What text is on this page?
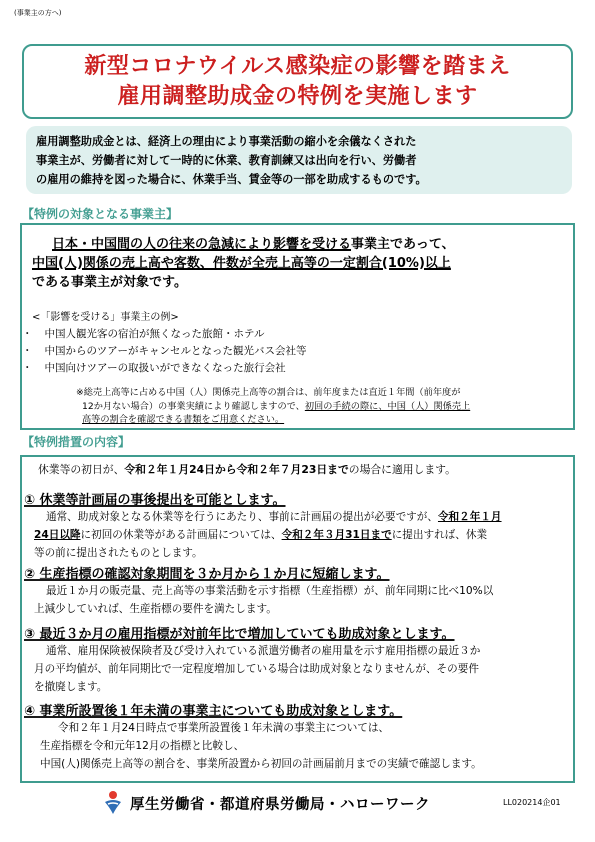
(事業主の方へ)
新型コロナウイルス感染症の影響を踏まえ
雇用調整助成金の特例を実施します
雇用調整助成金とは、経済上の理由により事業活動の縮小を余儀なくされた
事業主が、労働者に対して一時的に休業、教育訓練又は出向を行い、労働者
の雇用の維持を図った場合に、休業手当、賃金等の一部を助成するものです。
【特例の対象となる事業主】
日本・中国間の人の往来の急減により影響を受ける事業主であって、
中国(人)関係の売上高や客数、件数が全売上高等の一定割合(10%)以上
である事業主が対象です。
<「影響を受ける」事業主の例>
・ 中国人観光客の宿泊が無くなった旅館・ホテル
・ 中国からのツアーがキャンセルとなった観光バス会社等
・ 中国向けツアーの取扱いができなくなった旅行会社
※総売上高等に占める中国（人）関係売上高等の割合は、前年度または直近１年間（前年度が
12か月ない場合）の事業実績により確認しますので、初回の手続の際に、中国（人）関係売上
高等の割合を確認できる書類をご用意ください。
【特例措置の内容】
休業等の初日が、令和２年１月24日から令和２年７月23日までの場合に適用します。
① 休業等計画届の事後提出を可能とします。
通常、助成対象となる休業等を行うにあたり、事前に計画届の提出が必要ですが、令和２年１月
24日以降に初回の休業等がある計画届については、令和２年３月31日までに提出すれば、休業
等の前に提出されたものとします。
② 生産指標の確認対象期間を３か月から１か月に短縮します。
最近１か月の販売量、売上高等の事業活動を示す指標（生産指標）が、前年同期に比べ10%以
上減少していれば、生産指標の要件を満たします。
③ 最近３か月の雇用指標が対前年比で増加していても助成対象とします。
通常、雇用保険被保険者及び受け入れている派遣労働者の雇用量を示す雇用指標の最近３か
月の平均値が、前年同期比で一定程度増加している場合は助成対象となりませんが、その要件
を撤廃します。
④ 事業所設置後１年未満の事業主についても助成対象とします。
令和２年１月24日時点で事業所設置後１年未満の事業主については、
生産指標を令和元年12月の指標と比較し、
中国(人)関係売上高等の割合を、事業所設置から初回の計画届前月までの実績で確認します。
厚生労働省・都道府県労働局・ハローワーク	LL020214企01
